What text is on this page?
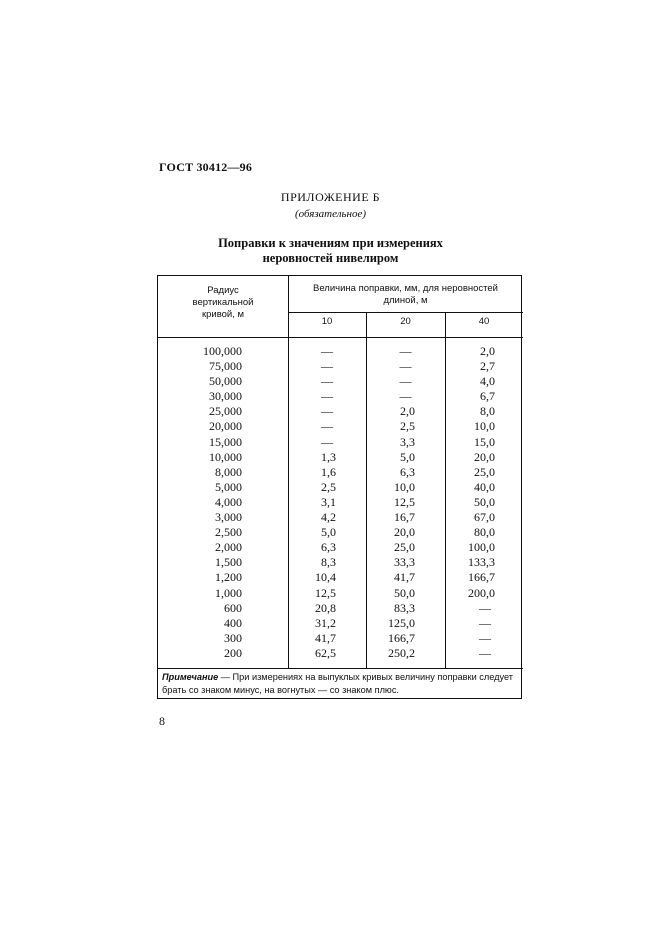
ГОСТ 30412—96
ПРИЛОЖЕНИЕ Б
(обязательное)
Поправки к значениям при измерениях
неровностей нивелиром
Радиус
вертикальной
кривой, м
Величина поправки, мм, для неровностей
длиной, м
10	20	40
100,000	—	—	2,0
75,000	—	—	2,7
50,000	—	—	4,0
30,000	—	—	6,7
25,000	—	2,0	8,0
20,000	—	2,5	10,0
15,000	—	3,3	15,0
10,000	1,3	5,0	20,0
8,000	1,6	6,3	25,0
5,000	2,5	10,0	40,0
4,000	3,1	12,5	50,0
3,000	4,2	16,7	67,0
2,500	5,0	20,0	80,0
2,000	6,3	25,0	100,0
1,500	8,3	33,3	133,3
1,200	10,4	41,7	166,7
1,000	12,5	50,0	200,0
600	20,8	83,3	—
400	31,2	125,0	—
300	41,7	166,7	—
200	62,5	250,2	—
Примечание — При измерениях на выпуклых кривых величину поправки следует брать со знаком минус, на вогнутых — со знаком плюс.
8
